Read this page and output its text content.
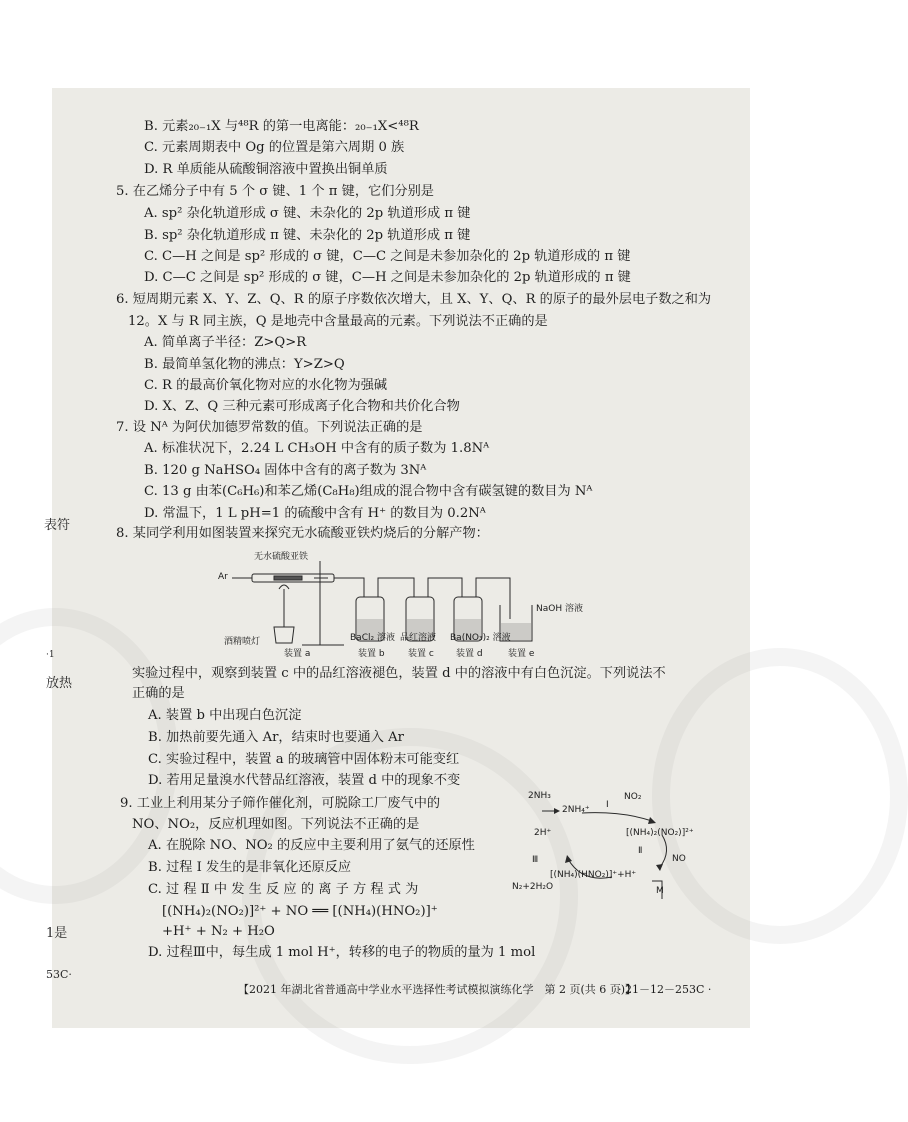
表符
·1
放热
1是
53C·
B. 元素₂₀₋₁X 与⁴⁸R 的第一电离能：₂₀₋₁X<⁴⁸R
C. 元素周期表中 Og 的位置是第六周期 0 族
D. R 单质能从硫酸铜溶液中置换出铜单质
5. 在乙烯分子中有 5 个 σ 键、1 个 π 键，它们分别是
A. sp² 杂化轨道形成 σ 键、未杂化的 2p 轨道形成 π 键
B. sp² 杂化轨道形成 π 键、未杂化的 2p 轨道形成 π 键
C. C—H 之间是 sp² 形成的 σ 键，C—C 之间是未参加杂化的 2p 轨道形成的 π 键
D. C—C 之间是 sp² 形成的 σ 键，C—H 之间是未参加杂化的 2p 轨道形成的 π 键
6. 短周期元素 X、Y、Z、Q、R 的原子序数依次增大，且 X、Y、Q、R 的原子的最外层电子数之和为
12。X 与 R 同主族，Q 是地壳中含量最高的元素。下列说法不正确的是
A. 简单离子半径：Z>Q>R
B. 最简单氢化物的沸点：Y>Z>Q
C. R 的最高价氧化物对应的水化物为强碱
D. X、Z、Q 三种元素可形成离子化合物和共价化合物
7. 设 Nᴬ 为阿伏加德罗常数的值。下列说法正确的是
A. 标准状况下，2.24 L CH₃OH 中含有的质子数为 1.8Nᴬ
B. 120 g NaHSO₄ 固体中含有的离子数为 3Nᴬ
C. 13 g 由苯(C₆H₆)和苯乙烯(C₈H₈)组成的混合物中含有碳氢键的数目为 Nᴬ
D. 常温下，1 L pH=1 的硫酸中含有 H⁺ 的数目为 0.2Nᴬ
8. 某同学利用如图装置来探究无水硫酸亚铁灼烧后的分解产物：
无水硫酸亚铁
Ar
酒精喷灯
NaOH 溶液
BaCl₂ 溶液 品红溶液 Ba(NO₃)₂ 溶液
装置 a	装置 b	装置 c 装置 d	装置 e
实验过程中，观察到装置 c 中的品红溶液褪色，装置 d 中的溶液中有白色沉淀。下列说法不
正确的是
A. 装置 b 中出现白色沉淀
B. 加热前要先通入 Ar，结束时也要通入 Ar
C. 实验过程中，装置 a 的玻璃管中固体粉末可能变红
D. 若用足量溴水代替品红溶液，装置 d 中的现象不变
9. 工业上利用某分子筛作催化剂，可脱除工厂废气中的
NO、NO₂，反应机理如图。下列说法不正确的是
A. 在脱除 NO、NO₂ 的反应中主要利用了氨气的还原性
B. 过程 Ⅰ 发生的是非氧化还原反应
C. 过 程 Ⅱ 中 发 生 反 应 的 离 子 方 程 式 为
[(NH₄)₂(NO₂)]²⁺ + NO ══ [(NH₄)(HNO₂)]⁺
+H⁺ + N₂ + H₂O
D. 过程Ⅲ中，每生成 1 mol H⁺，转移的电子的物质的量为 1 mol
2NH₃
2NH₄⁺ Ⅰ
NO₂
[(NH₄)₂(NO₂)]²⁺
Ⅱ
NO
M
[(NH₄)(HNO₂)]⁺+H⁺
Ⅲ
2H⁺
N₂+2H₂O
【2021 年湖北省普通高中学业水平选择性考试模拟演练化学　第 2 页(共 6 页)】
· 21－12－253C ·
